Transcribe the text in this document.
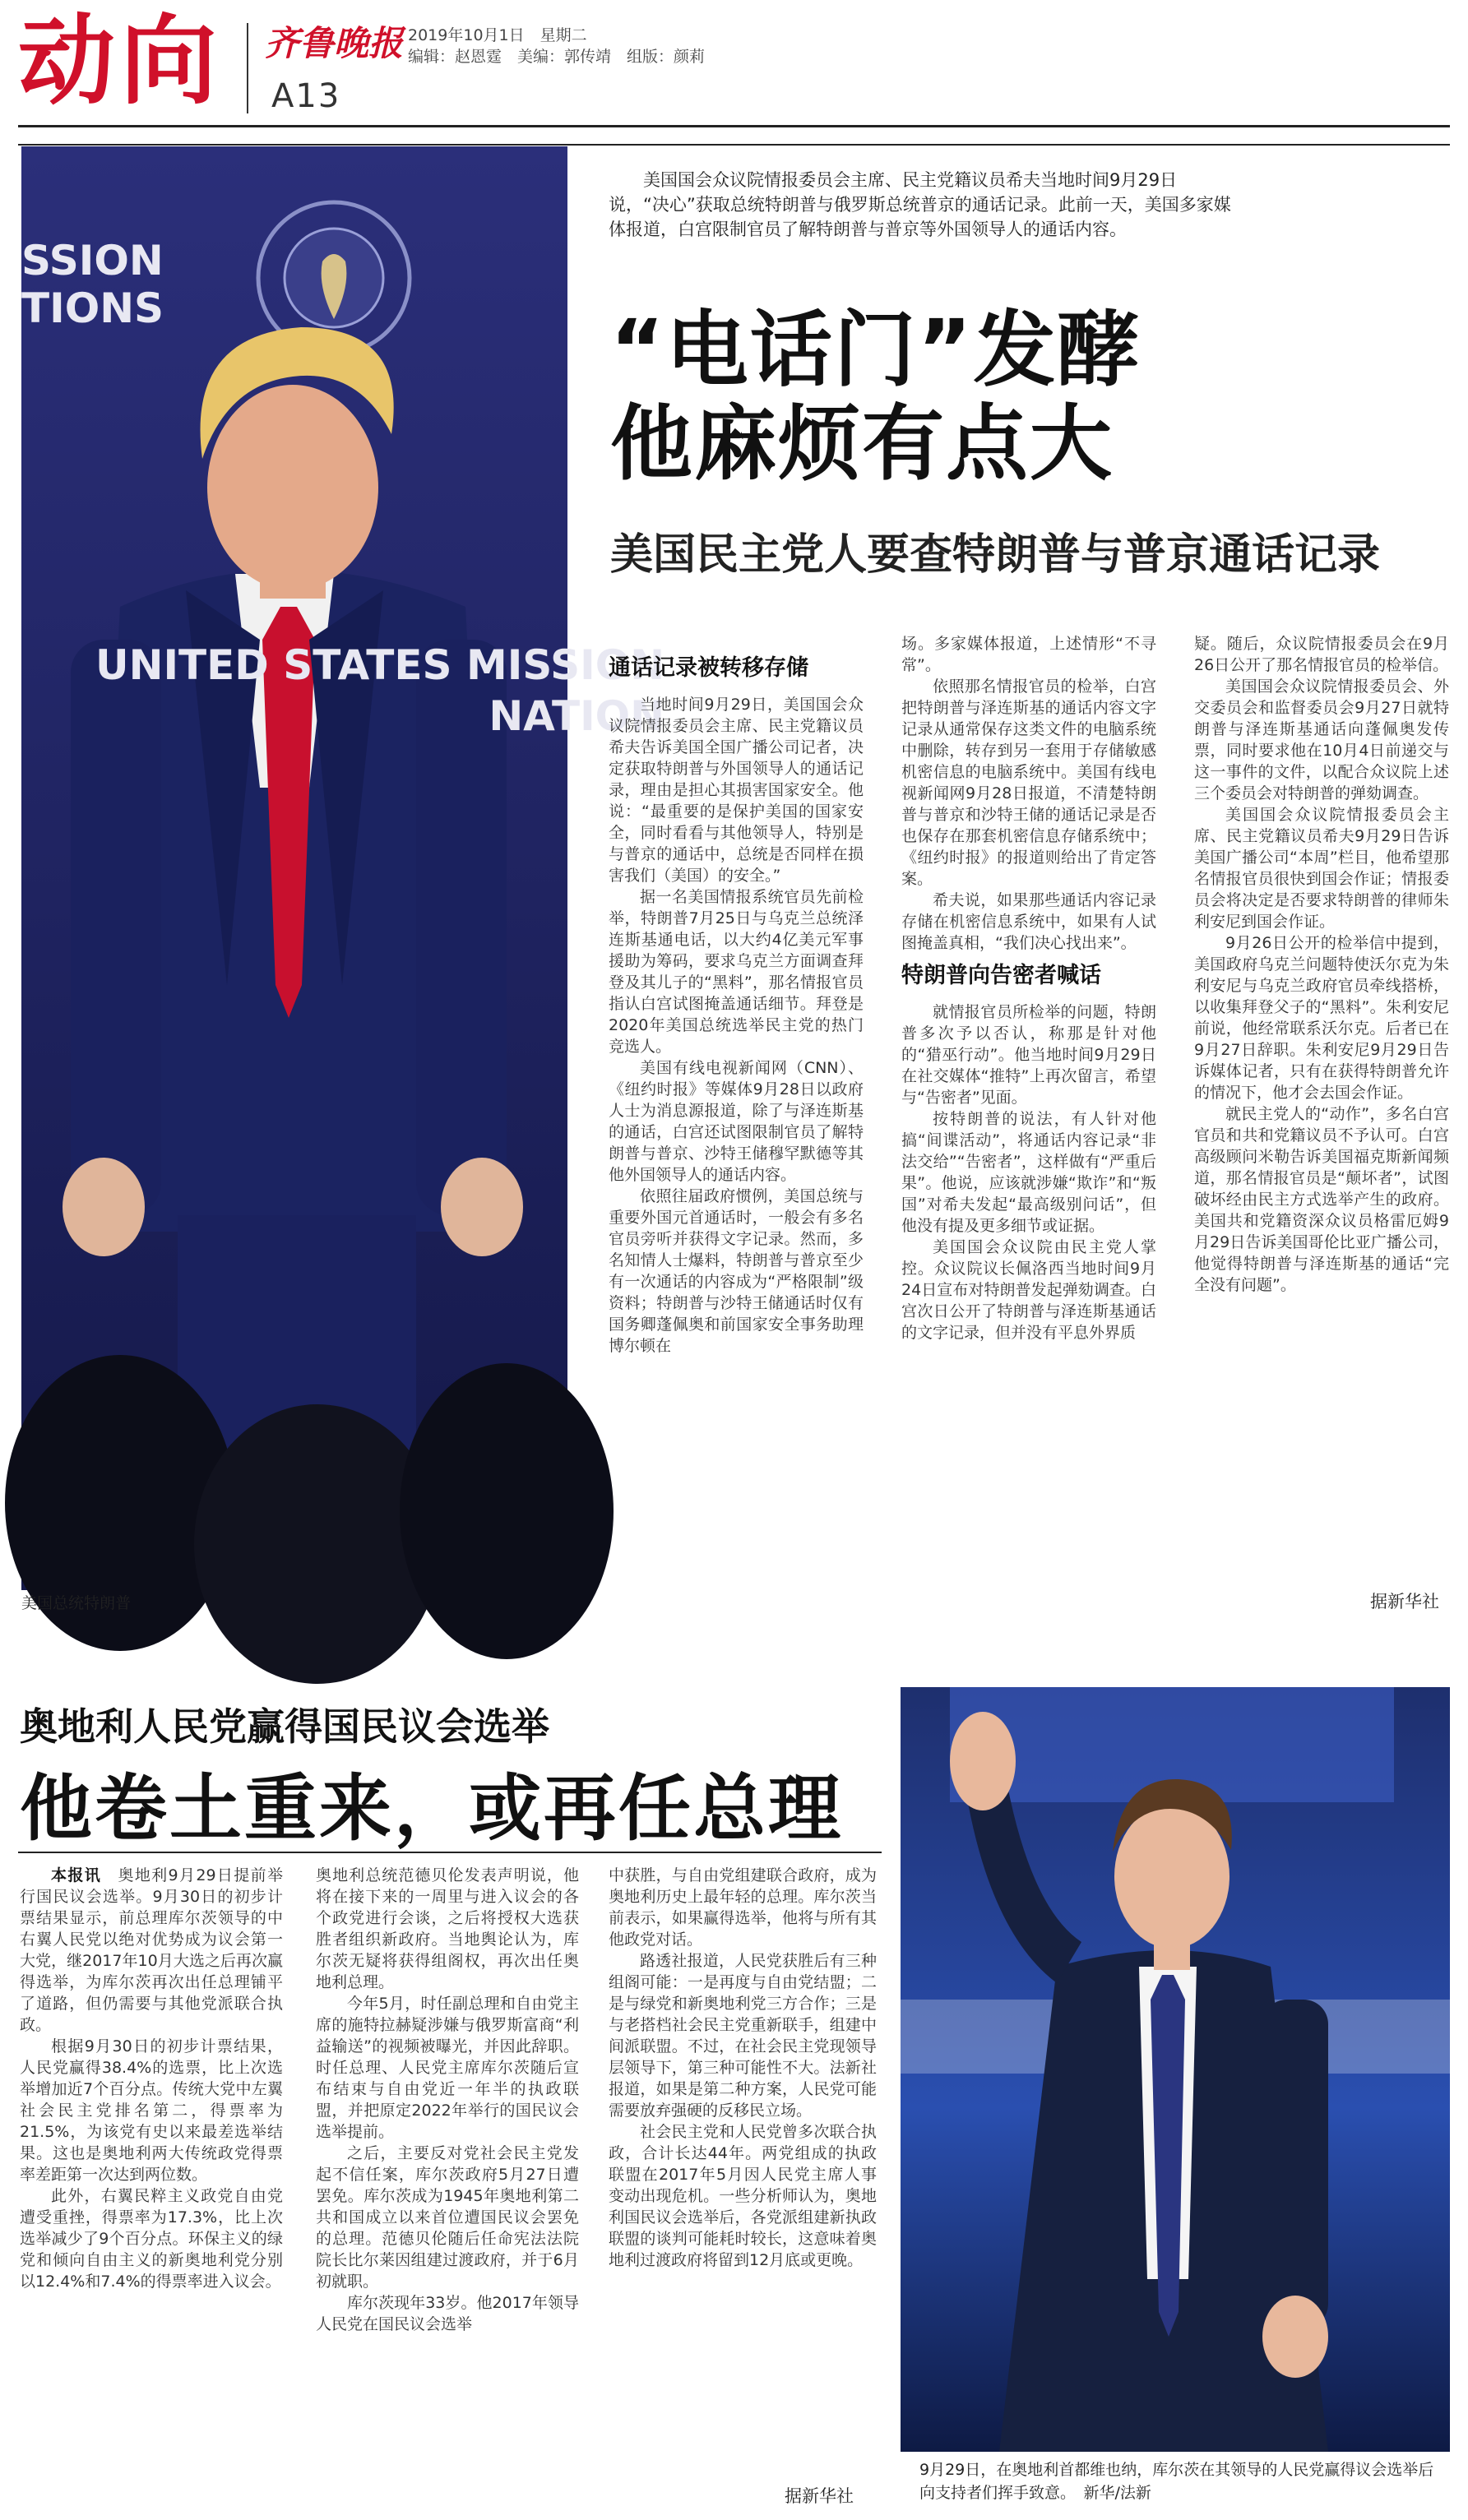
动向 齐鲁晚报 2019年10月1日　星期二
编辑：赵恩霆　美编：郭传靖　组版：颜莉
A13
SSION
TIONS
UNITED STATES MISSION
NATION
美国总统特朗普
美国国会众议院情报委员会主席、民主党籍议员希夫当地时间9月29日说，“决心”获取总统特朗普与俄罗斯总统普京的通话记录。此前一天，美国多家媒体报道，白宫限制官员了解特朗普与普京等外国领导人的通话内容。
“电话门”发酵
他麻烦有点大
美国民主党人要查特朗普与普京通话记录
通话记录被转移存储

当地时间9月29日，美国国会众议院情报委员会主席、民主党籍议员希夫告诉美国全国广播公司记者，决定获取特朗普与外国领导人的通话记录，理由是担心其损害国家安全。他说：“最重要的是保护美国的国家安全，同时看看与其他领导人，特别是与普京的通话中，总统是否同样在损害我们（美国）的安全。”

据一名美国情报系统官员先前检举，特朗普7月25日与乌克兰总统泽连斯基通电话，以大约4亿美元军事援助为筹码，要求乌克兰方面调查拜登及其儿子的“黑料”，那名情报官员指认白宫试图掩盖通话细节。拜登是2020年美国总统选举民主党的热门竞选人。

美国有线电视新闻网（CNN）、《纽约时报》等媒体9月28日以政府人士为消息源报道，除了与泽连斯基的通话，白宫还试图限制官员了解特朗普与普京、沙特王储穆罕默德等其他外国领导人的通话内容。

依照往届政府惯例，美国总统与重要外国元首通话时，一般会有多名官员旁听并获得文字记录。然而，多名知情人士爆料，特朗普与普京至少有一次通话的内容成为“严格限制”级资料；特朗普与沙特王储通话时仅有国务卿蓬佩奥和前国家安全事务助理博尔顿在

场。多家媒体报道，上述情形“不寻常”。

依照那名情报官员的检举，白宫把特朗普与泽连斯基的通话内容文字记录从通常保存这类文件的电脑系统中删除，转存到另一套用于存储敏感机密信息的电脑系统中。美国有线电视新闻网9月28日报道，不清楚特朗普与普京和沙特王储的通话记录是否也保存在那套机密信息存储系统中；《纽约时报》的报道则给出了肯定答案。

希夫说，如果那些通话内容记录存储在机密信息系统中，如果有人试图掩盖真相，“我们决心找出来”。

特朗普向告密者喊话

就情报官员所检举的问题，特朗普多次予以否认，称那是针对他的“猎巫行动”。他当地时间9月29日在社交媒体“推特”上再次留言，希望与“告密者”见面。

按特朗普的说法，有人针对他搞“间谍活动”，将通话内容记录“非法交给”“告密者”，这样做有“严重后果”。他说，应该就涉嫌“欺诈”和“叛国”对希夫发起“最高级别问话”，但他没有提及更多细节或证据。

美国国会众议院由民主党人掌控。众议院议长佩洛西当地时间9月24日宣布对特朗普发起弹劾调查。白宫次日公开了特朗普与泽连斯基通话的文字记录，但并没有平息外界质

疑。随后，众议院情报委员会在9月26日公开了那名情报官员的检举信。

美国国会众议院情报委员会、外交委员会和监督委员会9月27日就特朗普与泽连斯基通话向蓬佩奥发传票，同时要求他在10月4日前递交与这一事件的文件，以配合众议院上述三个委员会对特朗普的弹劾调查。

美国国会众议院情报委员会主席、民主党籍议员希夫9月29日告诉美国广播公司“本周”栏目，他希望那名情报官员很快到国会作证；情报委员会将决定是否要求特朗普的律师朱利安尼到国会作证。

9月26日公开的检举信中提到，美国政府乌克兰问题特使沃尔克为朱利安尼与乌克兰政府官员牵线搭桥，以收集拜登父子的“黑料”。朱利安尼前说，他经常联系沃尔克。后者已在9月27日辞职。朱利安尼9月29日告诉媒体记者，只有在获得特朗普允许的情况下，他才会去国会作证。

就民主党人的“动作”，多名白宫官员和共和党籍议员不予认可。白宫高级顾问米勒告诉美国福克斯新闻频道，那名情报官员是“颠坏者”，试图破坏经由民主方式选举产生的政府。美国共和党籍资深众议员格雷厄姆9月29日告诉美国哥伦比亚广播公司，他觉得特朗普与泽连斯基的通话“完全没有问题”。

据新华社
奥地利人民党赢得国民议会选举
他卷土重来，或再任总理

本报讯　奥地利9月29日提前举行国民议会选举。9月30日的初步计票结果显示，前总理库尔茨领导的中右翼人民党以绝对优势成为议会第一大党，继2017年10月大选之后再次赢得选举，为库尔茨再次出任总理铺平了道路，但仍需要与其他党派联合执政。

根据9月30日的初步计票结果，人民党赢得38.4%的选票，比上次选举增加近7个百分点。传统大党中左翼社会民主党排名第二，得票率为21.5%，为该党有史以来最差选举结果。这也是奥地利两大传统政党得票率差距第一次达到两位数。

此外，右翼民粹主义政党自由党遭受重挫，得票率为17.3%，比上次选举减少了9个百分点。环保主义的绿党和倾向自由主义的新奥地利党分别以12.4%和7.4%的得票率进入议会。

奥地利总统范德贝伦发表声明说，他将在接下来的一周里与进入议会的各个政党进行会谈，之后将授权大选获胜者组织新政府。当地舆论认为，库尔茨无疑将获得组阁权，再次出任奥地利总理。

今年5月，时任副总理和自由党主席的施特拉赫疑涉嫌与俄罗斯富商“利益输送”的视频被曝光，并因此辞职。时任总理、人民党主席库尔茨随后宣布结束与自由党近一年半的执政联盟，并把原定2022年举行的国民议会选举提前。

之后，主要反对党社会民主党发起不信任案，库尔茨政府5月27日遭罢免。库尔茨成为1945年奥地利第二共和国成立以来首位遭国民议会罢免的总理。范德贝伦随后任命宪法法院院长比尔莱因组建过渡政府，并于6月初就职。

库尔茨现年33岁。他2017年领导人民党在国民议会选举

中获胜，与自由党组建联合政府，成为奥地利历史上最年轻的总理。库尔茨当前表示，如果赢得选举，他将与所有其他政党对话。

路透社报道，人民党获胜后有三种组阁可能：一是再度与自由党结盟；二是与绿党和新奥地利党三方合作；三是与老搭档社会民主党重新联手，组建中间派联盟。不过，在社会民主党现领导层领导下，第三种可能性不大。法新社报道，如果是第二种方案，人民党可能需要放弃强硬的反移民立场。

社会民主党和人民党曾多次联合执政，合计长达44年。两党组成的执政联盟在2017年5月因人民党主席人事变动出现危机。一些分析师认为，奥地利国民议会选举后，各党派组建新执政联盟的谈判可能耗时较长，这意味着奥地利过渡政府将留到12月底或更晚。

据新华社
9月29日，在奥地利首都维也纳，库尔茨在其领导的人民党赢得议会选举后向支持者们挥手致意。　新华/法新
